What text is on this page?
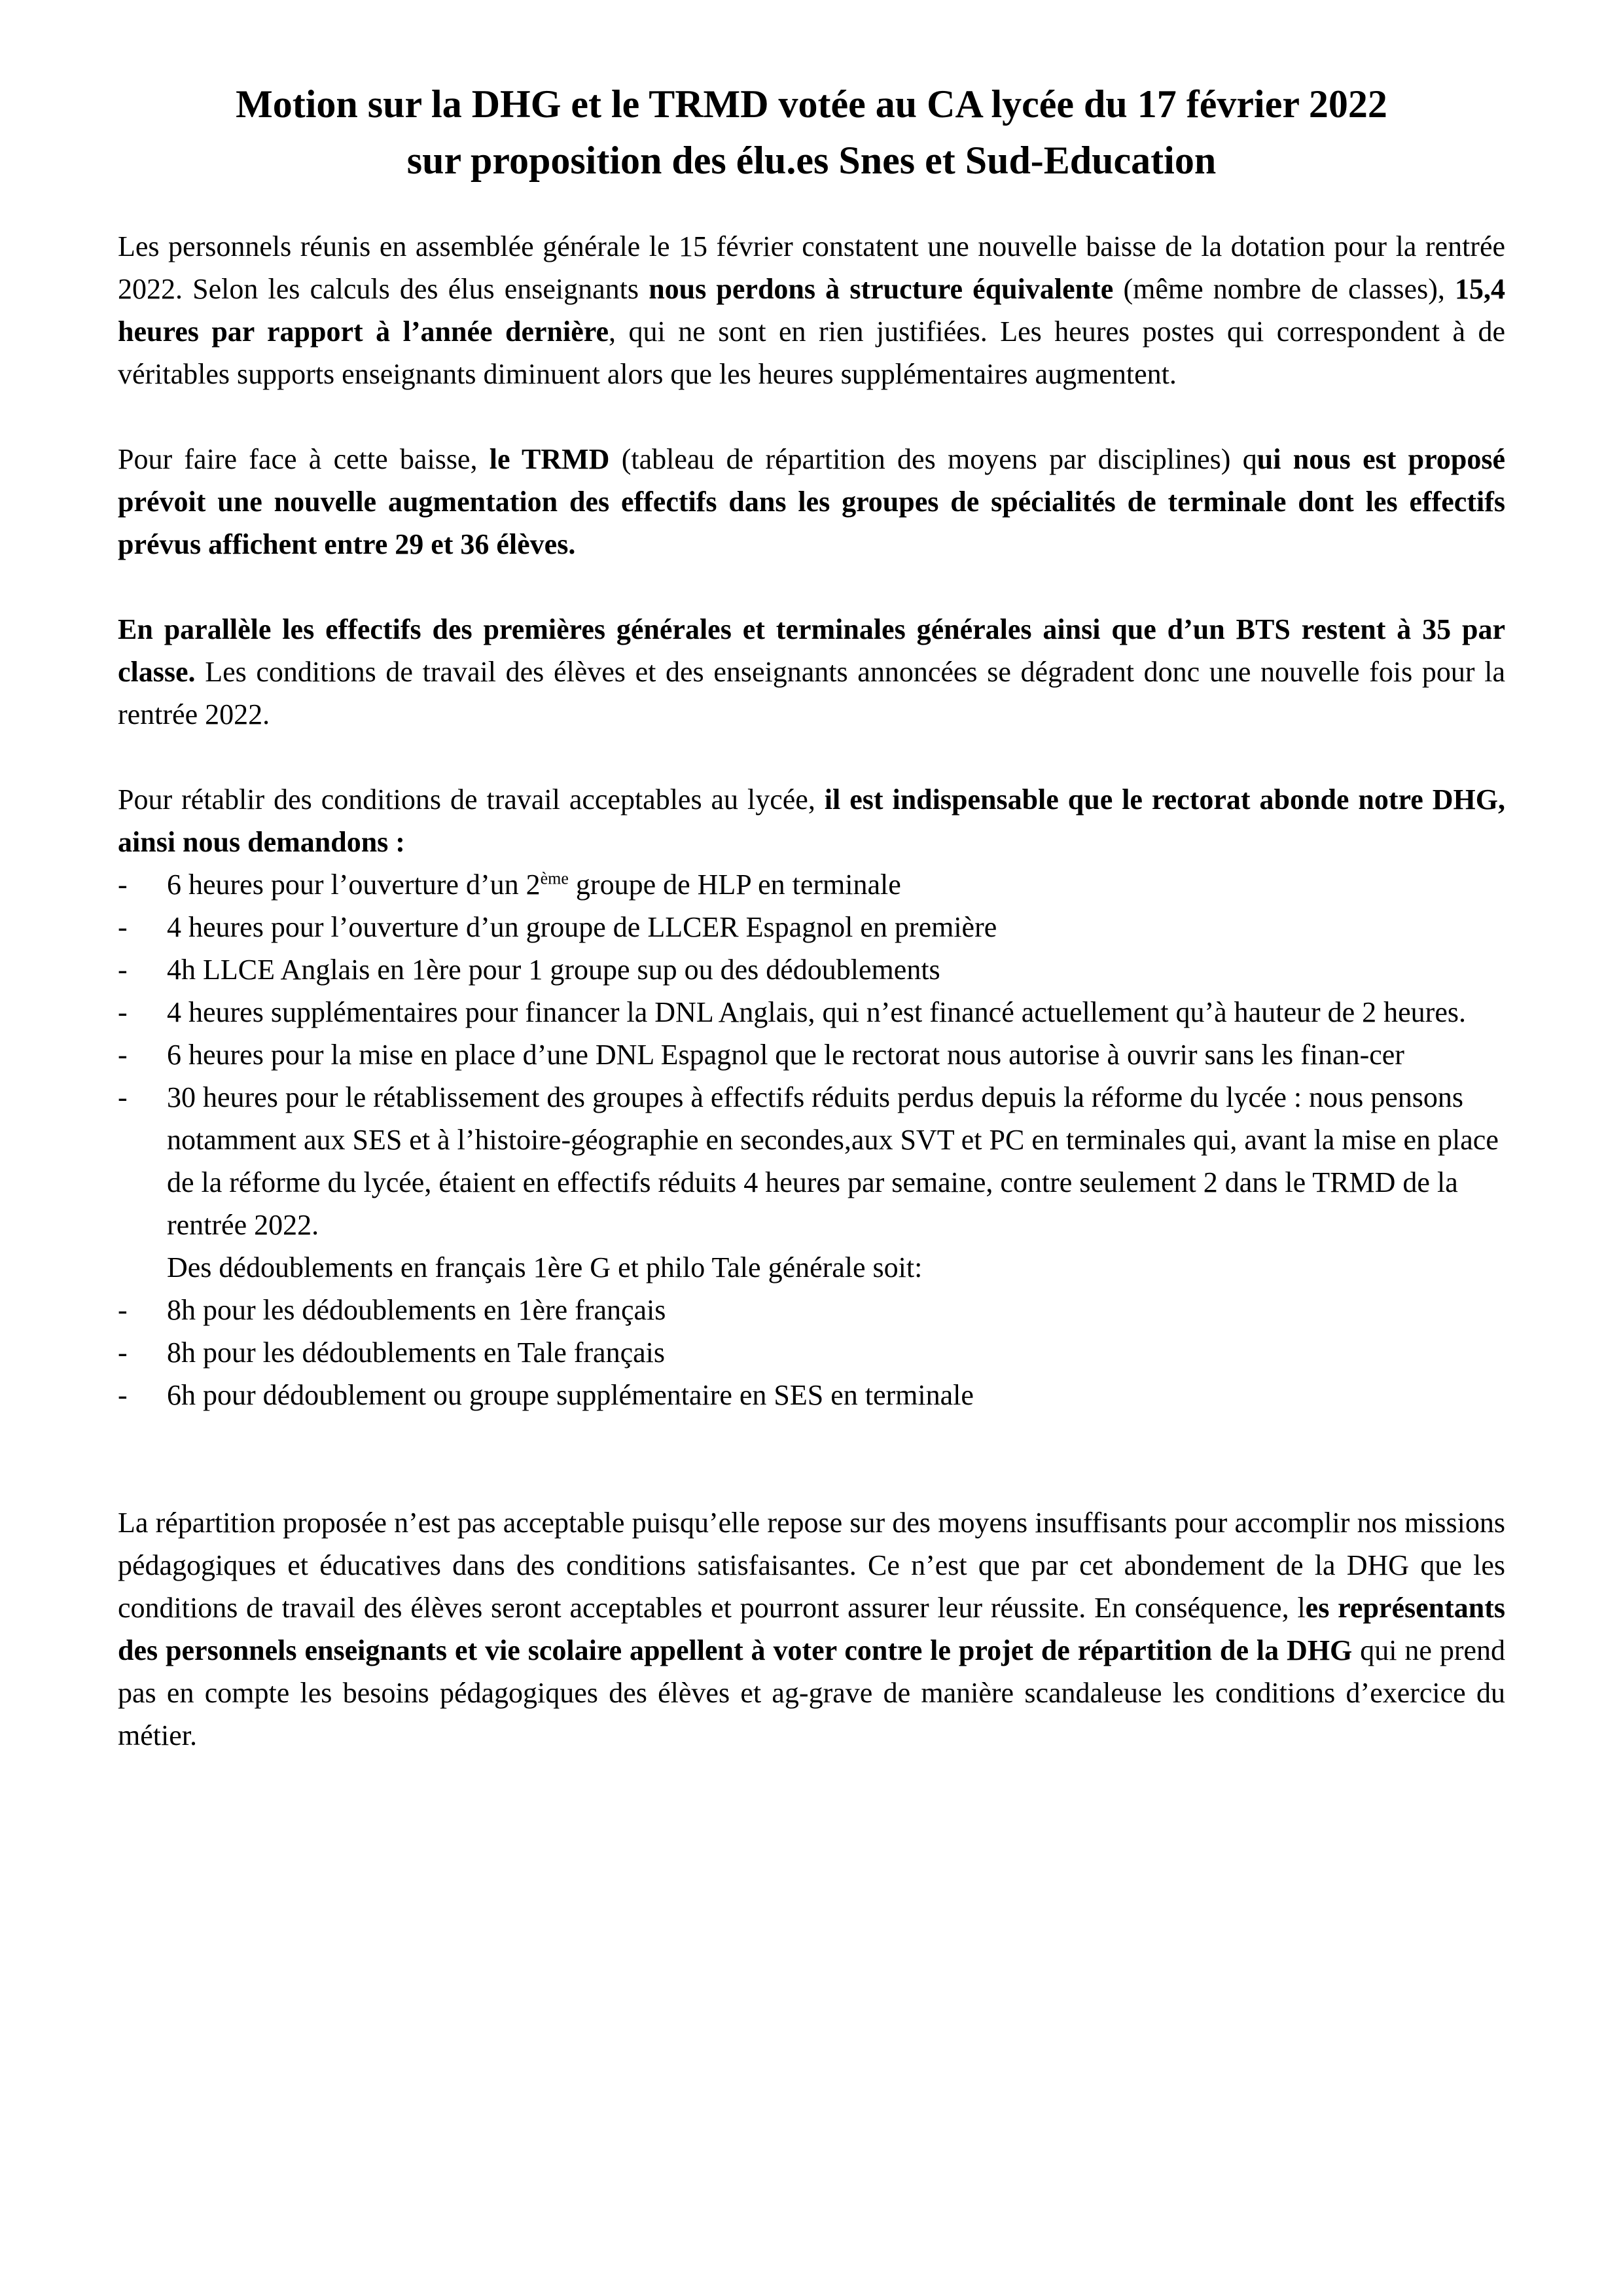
Motion sur la DHG et le TRMD votée au CA lycée du 17 février 2022
sur proposition des élu.es Snes et Sud-Education

Les personnels réunis en assemblée générale le 15 février constatent une nouvelle baisse de la dotation pour la rentrée 2022. Selon les calculs des élus enseignants nous perdons à structure équivalente (même nombre de classes), 15,4 heures par rapport à l’année dernière, qui ne sont en rien justifiées. Les heures postes qui correspondent à de véritables supports enseignants diminuent alors que les heures supplémentaires augmentent.

Pour faire face à cette baisse, le TRMD (tableau de répartition des moyens par disciplines) qui nous est proposé prévoit une nouvelle augmentation des effectifs dans les groupes de spécialités de terminale dont les effectifs prévus affichent entre 29 et 36 élèves.

En parallèle les effectifs des premières générales et terminales générales ainsi que d’un BTS restent à 35 par classe. Les conditions de travail des élèves et des enseignants annoncées se dégradent donc une nouvelle fois pour la rentrée 2022.

Pour rétablir des conditions de travail acceptables au lycée, il est indispensable que le rectorat abonde notre DHG, ainsi nous demandons :

- 6 heures pour l’ouverture d’un 2ème groupe de HLP en terminale
- 4 heures pour l’ouverture d’un groupe de LLCER Espagnol en première
- 4h LLCE Anglais en 1ère pour 1 groupe sup ou des dédoublements
- 4 heures supplémentaires pour financer la DNL Anglais, qui n’est financé actuellement qu’à hauteur de 2 heures.
- 6 heures pour la mise en place d’une DNL Espagnol que le rectorat nous autorise à ouvrir sans les finan-cer
- 30 heures pour le rétablissement des groupes à effectifs réduits perdus depuis la réforme du lycée : nous pensons notamment aux SES et à l’histoire-géographie en secondes,aux SVT et PC en terminales qui, avant la mise en place de la réforme du lycée, étaient en effectifs réduits 4 heures par semaine, contre seulement 2 dans le TRMD de la rentrée 2022.
Des dédoublements en français 1ère G et philo Tale générale soit:
- 8h pour les dédoublements en 1ère français
- 8h pour les dédoublements en Tale français
- 6h pour dédoublement ou groupe supplémentaire en SES en terminale

La répartition proposée n’est pas acceptable puisqu’elle repose sur des moyens insuffisants pour accomplir nos missions pédagogiques et éducatives dans des conditions satisfaisantes. Ce n’est que par cet abondement de la DHG que les conditions de travail des élèves seront acceptables et pourront assurer leur réussite. En conséquence, les représentants des personnels enseignants et vie scolaire appellent à voter contre le projet de répartition de la DHG qui ne prend pas en compte les besoins pédagogiques des élèves et ag-grave de manière scandaleuse les conditions d’exercice du métier.
